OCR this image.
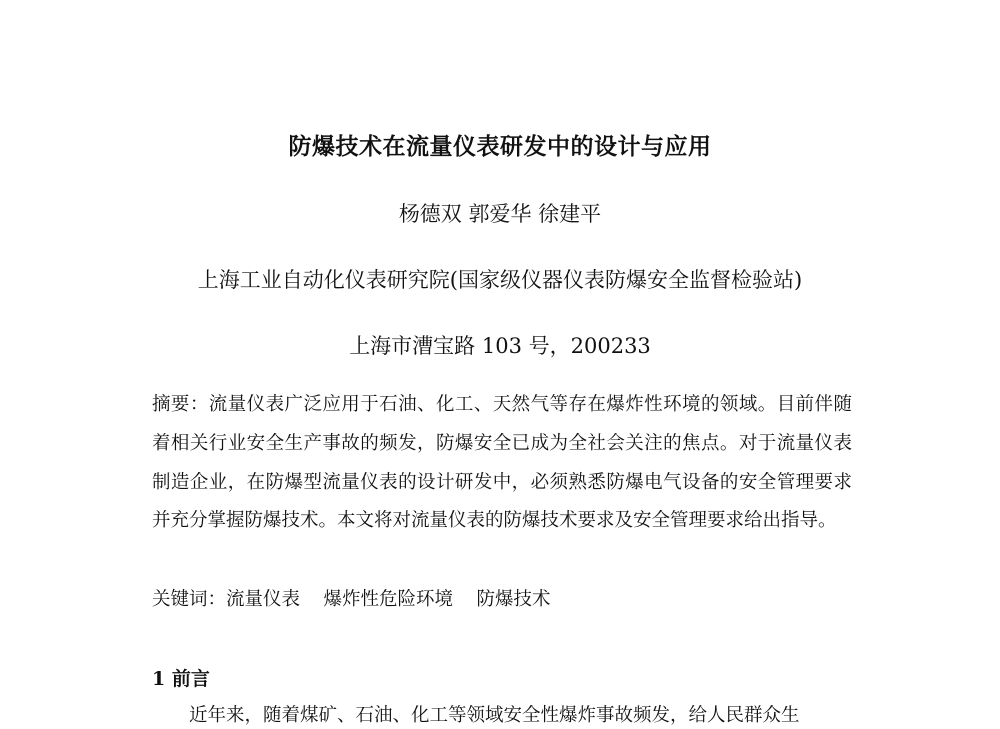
防爆技术在流量仪表研发中的设计与应用
杨德双 郭爱华 徐建平
上海工业自动化仪表研究院(国家级仪器仪表防爆安全监督检验站)
上海市漕宝路 103 号，200233
摘要：流量仪表广泛应用于石油、化工、天然气等存在爆炸性环境的领域。目前伴随着相关行业安全生产事故的频发，防爆安全已成为全社会关注的焦点。对于流量仪表制造企业，在防爆型流量仪表的设计研发中，必须熟悉防爆电气设备的安全管理要求并充分掌握防爆技术。本文将对流量仪表的防爆技术要求及安全管理要求给出指导。
关键词：流量仪表    爆炸性危险环境    防爆技术
1 前言
近年来，随着煤矿、石油、化工等领域安全性爆炸事故频发，给人民群众生
